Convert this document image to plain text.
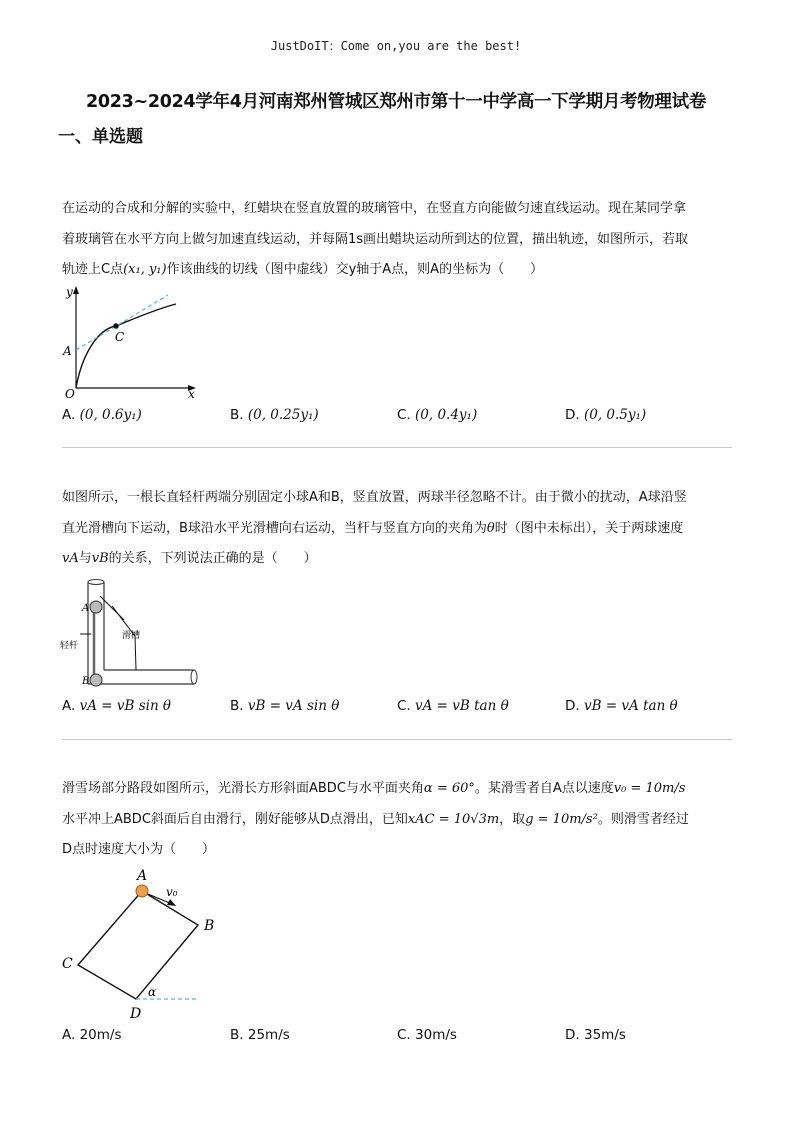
JustDoIT：Come on,you are the best!
2023~2024学年4月河南郑州管城区郑州市第十一中学高一下学期月考物理试卷
一、单选题
在运动的合成和分解的实验中，红蜡块在竖直放置的玻璃管中，在竖直方向能做匀速直线运动。现在某同学拿
着玻璃管在水平方向上做匀加速直线运动，并每隔1s画出蜡块运动所到达的位置，描出轨迹，如图所示，若取
轨迹上C点(x₁, y₁)作该曲线的切线（图中虚线）交y轴于A点，则A的坐标为（　　）
y
x
O
A
C
A. (0, 0.6y₁)	B. (0, 0.25y₁)	C. (0, 0.4y₁)	D. (0, 0.5y₁)
如图所示，一根长直轻杆两端分别固定小球A和B，竖直放置，两球半径忽略不计。由于微小的扰动，A球沿竖
直光滑槽向下运动，B球沿水平光滑槽向右运动，当杆与竖直方向的夹角为θ时（图中未标出），关于两球速度
vA与vB的关系，下列说法正确的是（　　）
A
B
轻杆
滑槽
A. vA = vB sin θ	B. vB = vA sin θ	C. vA = vB tan θ	D. vB = vA tan θ
滑雪场部分路段如图所示，光滑长方形斜面ABDC与水平面夹角α = 60°。某滑雪者自A点以速度v₀ = 10m/s
水平冲上ABDC斜面后自由滑行，刚好能够从D点滑出，已知xAC = 10√3m，取g = 10m/s²。则滑雪者经过
D点时速度大小为（　　）
A
v₀
B
C
D
α
A. 20m/s	B. 25m/s	C. 30m/s	D. 35m/s
